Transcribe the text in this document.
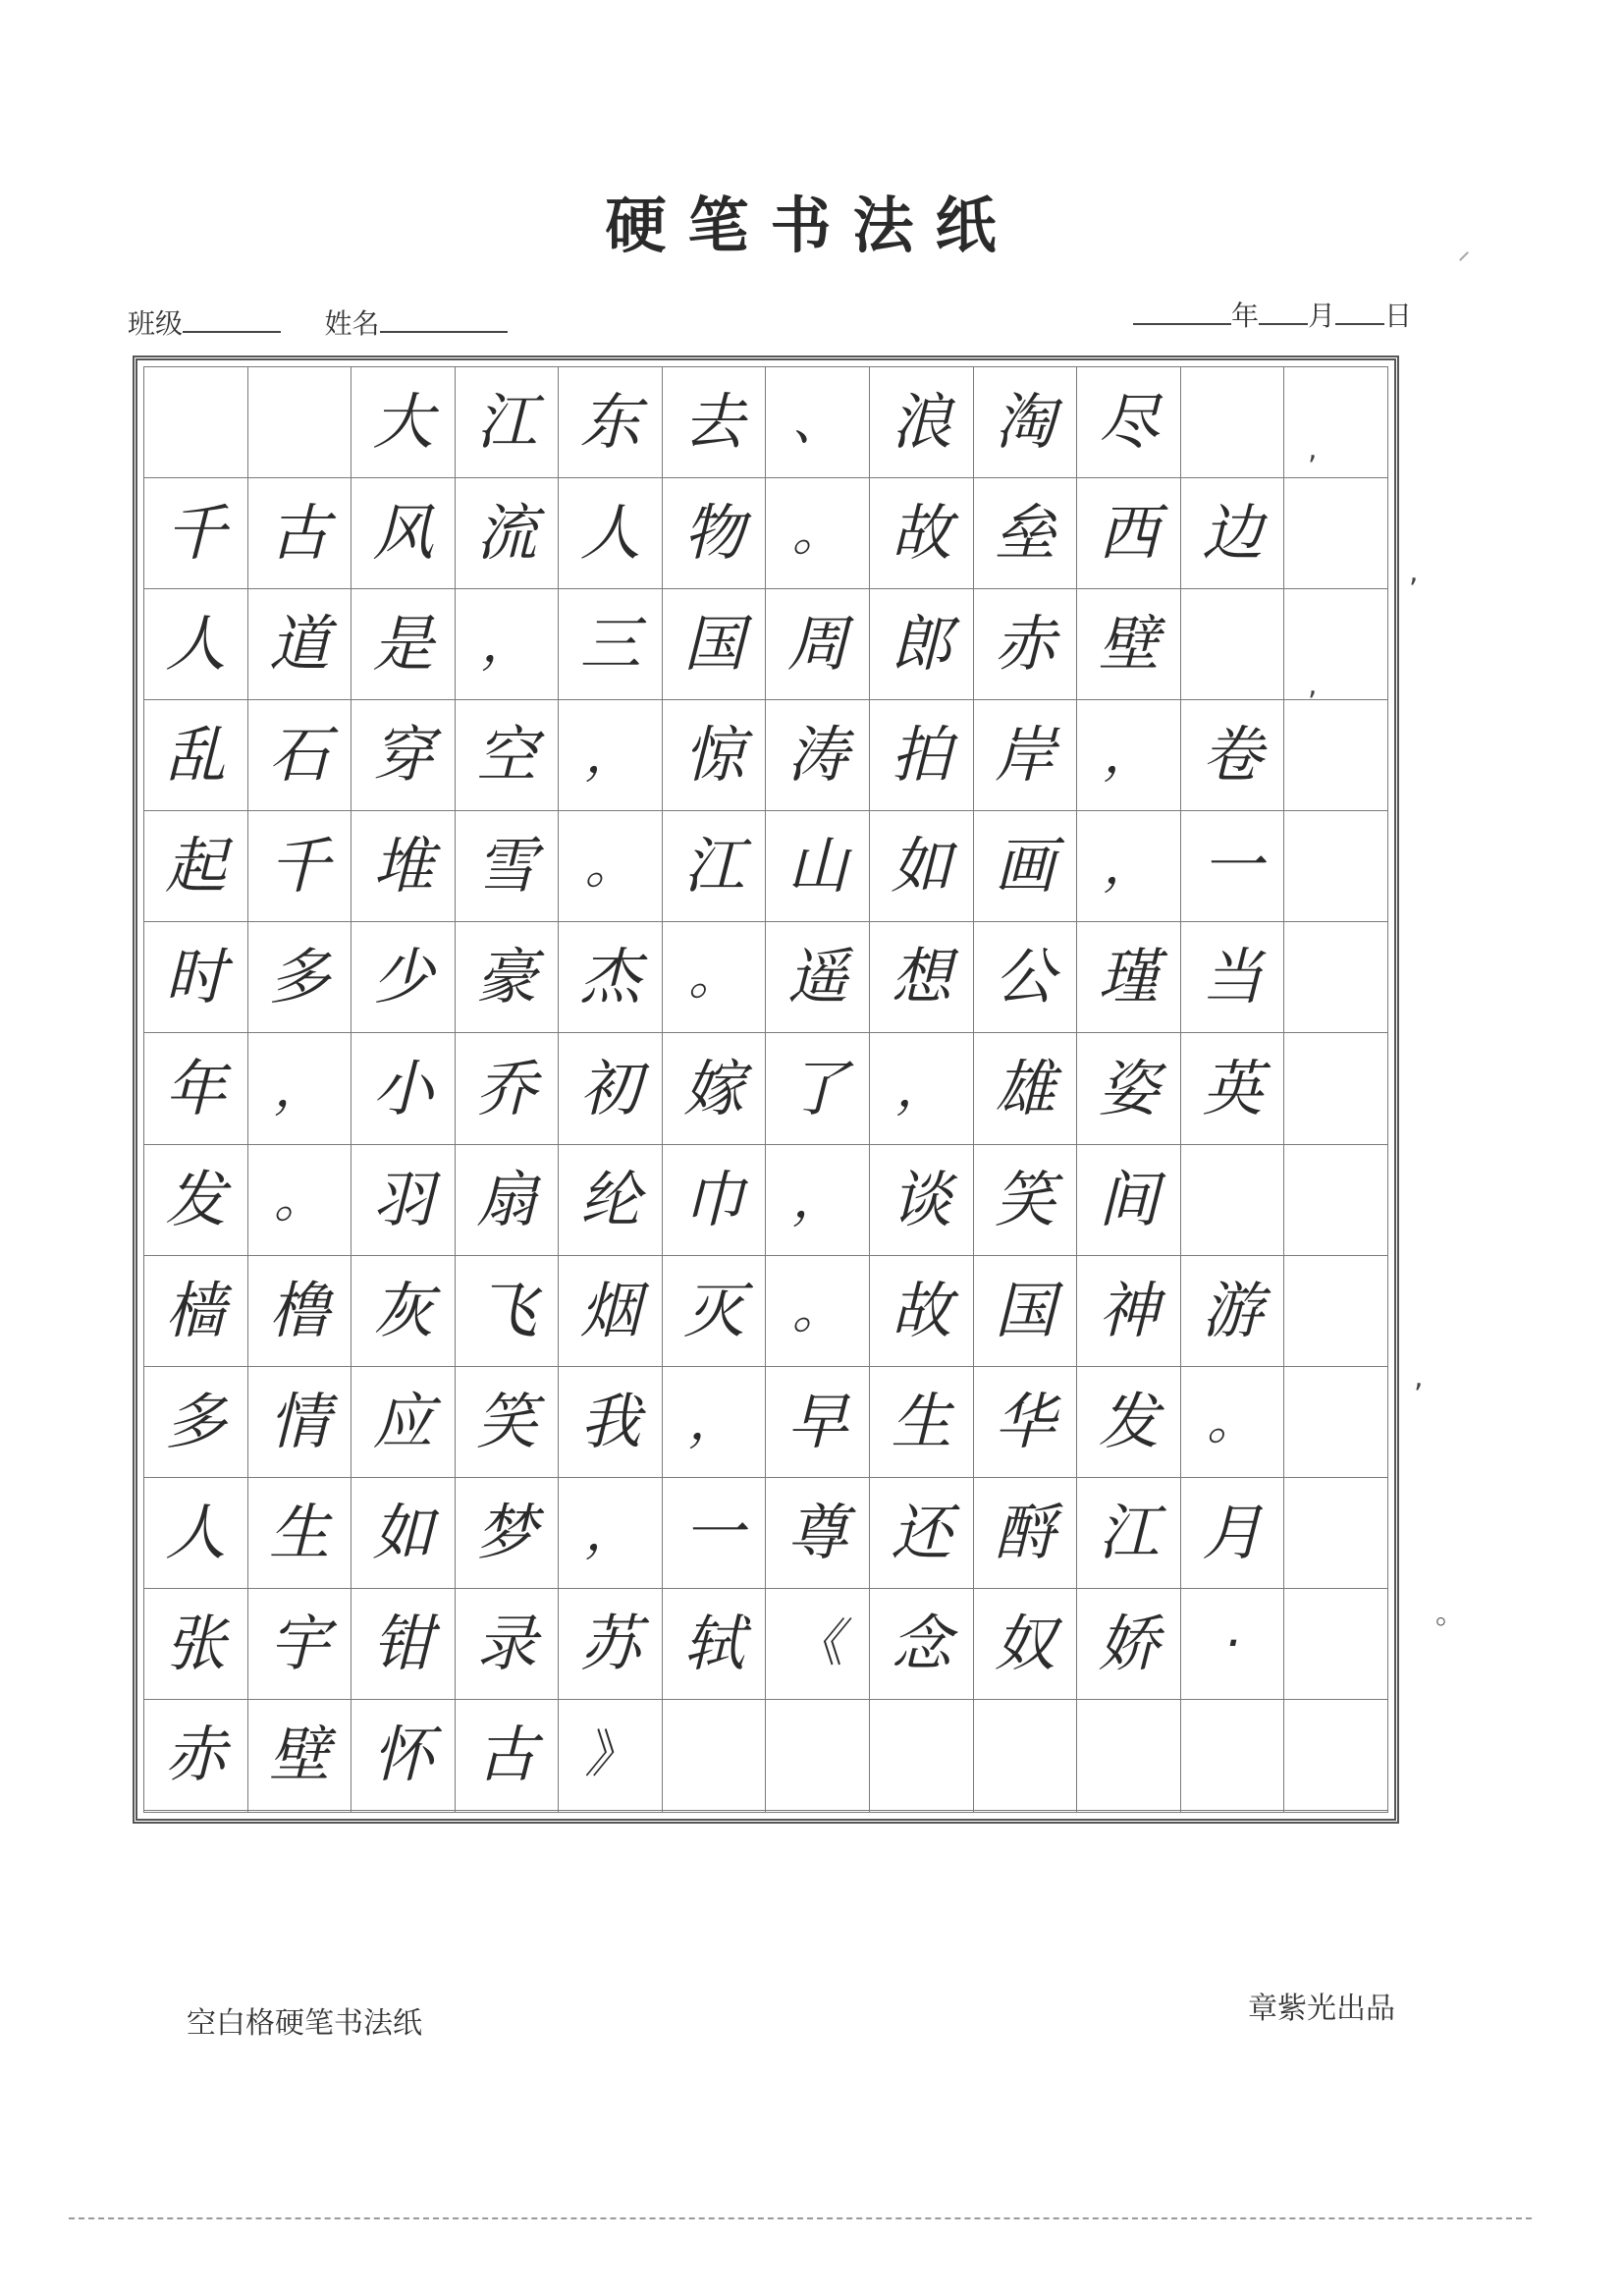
硬笔书法纸
班级	姓名	年 月 日
		大	江	东	去	、	浪	淘	尽		
千	古	风	流	人	物	。	故	垒	西	边	
人	道	是	，	三	国	周	郎	赤	壁		
乱	石	穿	空	，	惊	涛	拍	岸	，	卷	
起	千	堆	雪	。	江	山	如	画	，	一	
时	多	少	豪	杰	。	遥	想	公	瑾	当	
年	，	小	乔	初	嫁	了	，	雄	姿	英	
发	。	羽	扇	纶	巾	，	谈	笑	间		
樯	橹	灰	飞	烟	灭	。	故	国	神	游	
多	情	应	笑	我	，	早	生	华	发	。	
人	生	如	梦	，	一	尊	还	酹	江	月	
张	宇	钳	录	苏	轼	《	念	奴	娇	·	
赤	壁	怀	古	》							

,
,
,
,
。
空白格硬笔书法纸	章紫光出品
